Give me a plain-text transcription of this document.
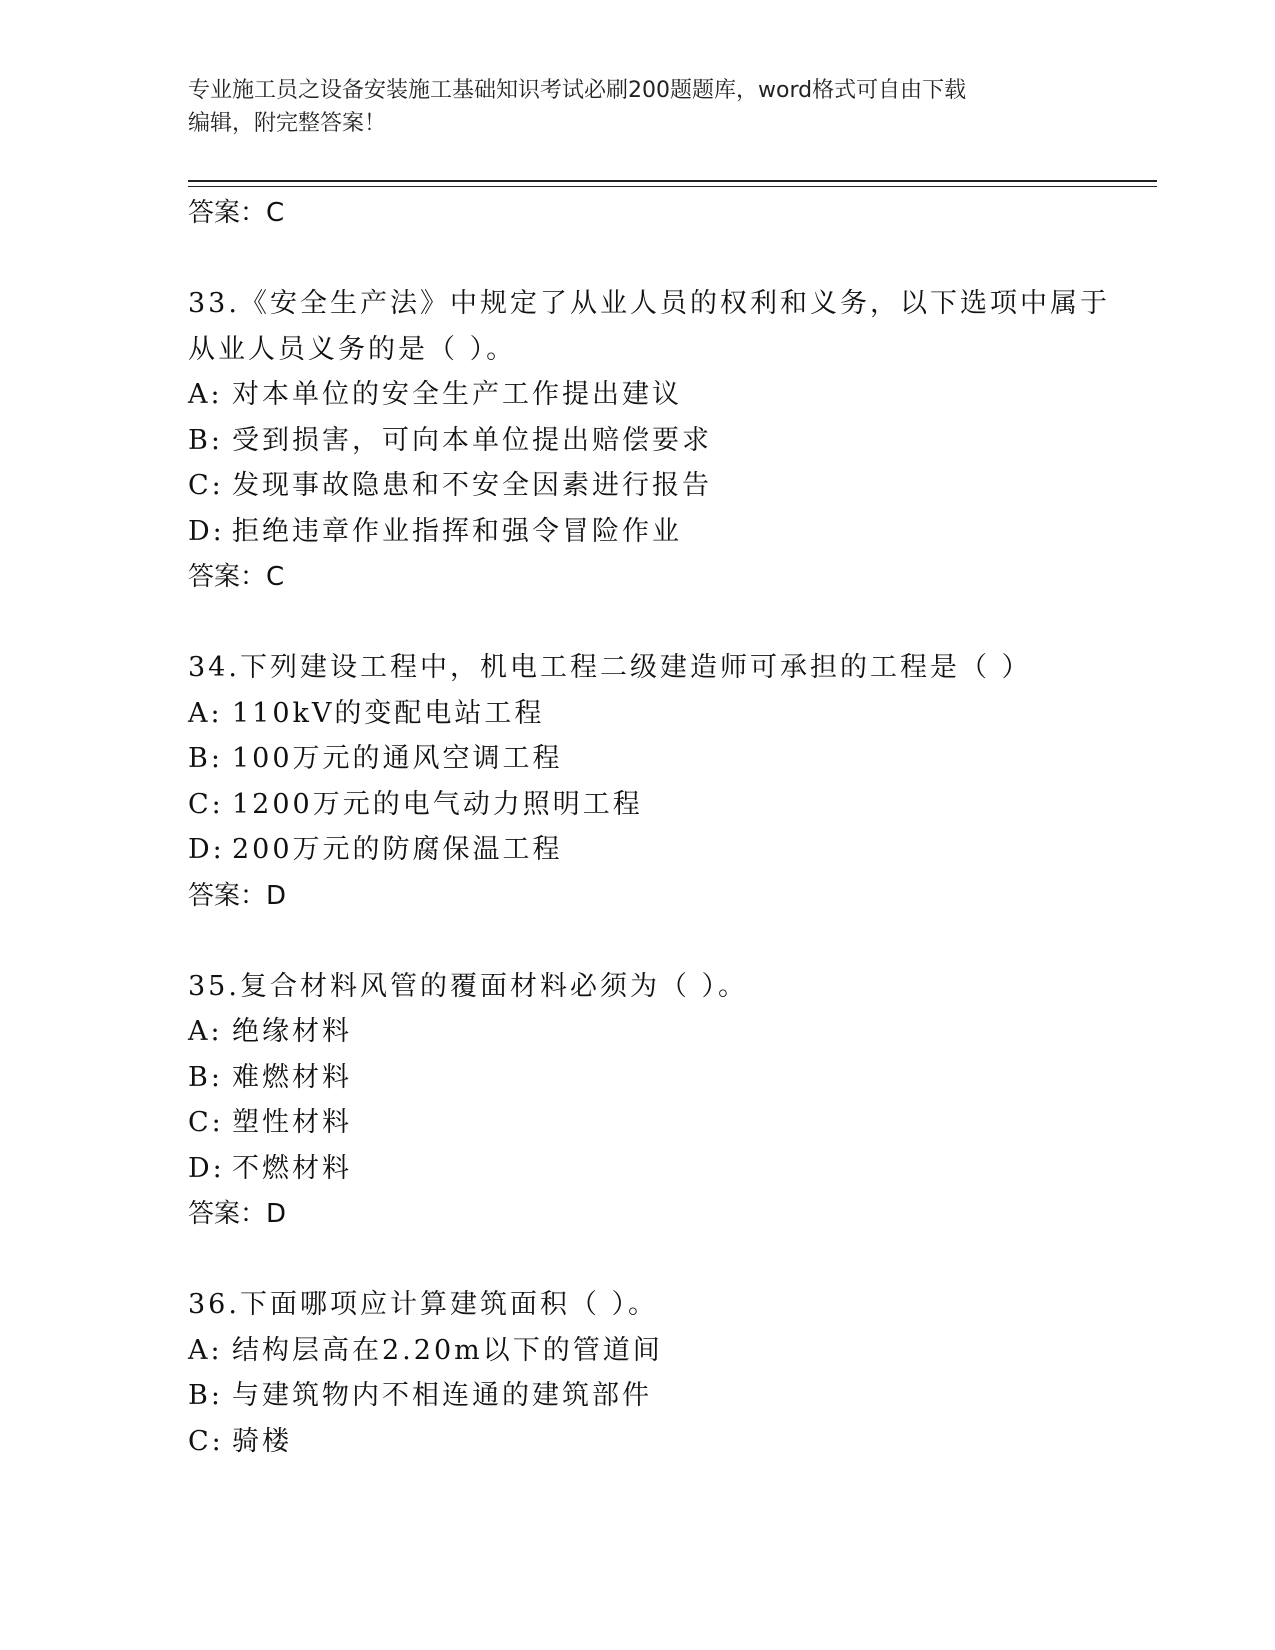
专业施工员之设备安装施工基础知识考试必刷200题题库，word格式可自由下载
编辑，附完整答案！
答案：C
33.《安全生产法》中规定了从业人员的权利和义务，以下选项中属于
从业人员义务的是（ ）。
A: 对本单位的安全生产工作提出建议
B: 受到损害，可向本单位提出赔偿要求
C: 发现事故隐患和不安全因素进行报告
D: 拒绝违章作业指挥和强令冒险作业
答案：C
34.下列建设工程中，机电工程二级建造师可承担的工程是（ ）
A: 110kV的变配电站工程
B: 100万元的通风空调工程
C: 1200万元的电气动力照明工程
D: 200万元的防腐保温工程
答案：D
35.复合材料风管的覆面材料必须为（ ）。
A: 绝缘材料
B: 难燃材料
C: 塑性材料
D: 不燃材料
答案：D
36.下面哪项应计算建筑面积（ ）。
A: 结构层高在2.20m以下的管道间
B: 与建筑物内不相连通的建筑部件
C: 骑楼
